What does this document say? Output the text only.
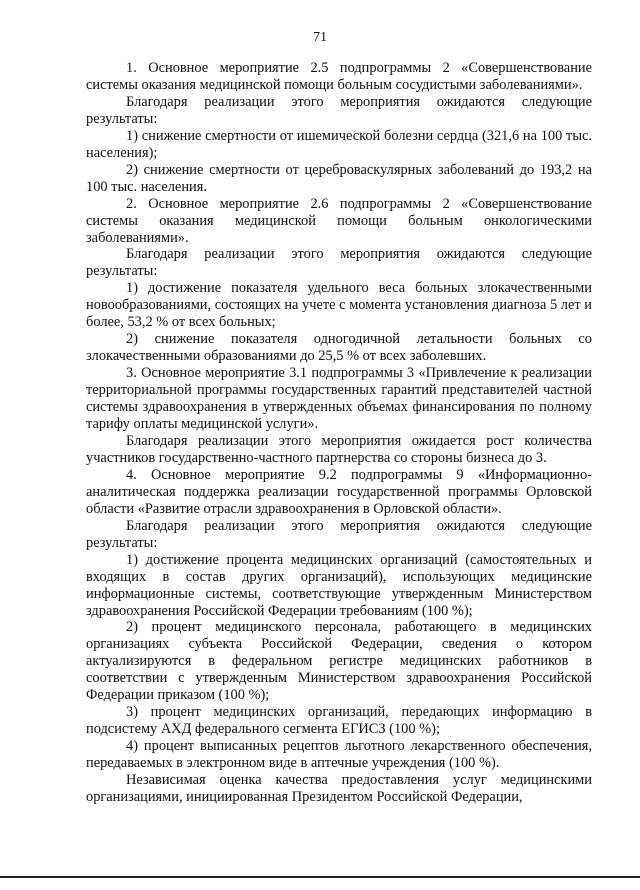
71

1. Основное мероприятие 2.5 подпрограммы 2 «Совершенствование системы оказания медицинской помощи больным сосудистыми заболеваниями».

Благодаря реализации этого мероприятия ожидаются следующие результаты:

1) снижение смертности от ишемической болезни сердца (321,6 на 100 тыс. населения);

2) снижение смертности от цереброваскулярных заболеваний до 193,2 на 100 тыс. населения.

2. Основное мероприятие 2.6 подпрограммы 2 «Совершенствование системы оказания медицинской помощи больным онкологическими заболеваниями».

Благодаря реализации этого мероприятия ожидаются следующие результаты:

1) достижение показателя удельного веса больных злокачественными новообразованиями, состоящих на учете с момента установления диагноза 5 лет и более, 53,2 % от всех больных;

2) снижение показателя одногодичной летальности больных со злокачественными образованиями до 25,5 % от всех заболевших.

3. Основное мероприятие 3.1 подпрограммы 3 «Привлечение к реализации территориальной программы государственных гарантий представителей частной системы здравоохранения в утвержденных объемах финансирования по полному тарифу оплаты медицинской услуги».

Благодаря реализации этого мероприятия ожидается рост количества участников государственно-частного партнерства со стороны бизнеса до 3.

4. Основное мероприятие 9.2 подпрограммы 9 «Информационно-аналитическая поддержка реализации государственной программы Орловской области «Развитие отрасли здравоохранения в Орловской области».

Благодаря реализации этого мероприятия ожидаются следующие результаты:

1) достижение процента медицинских организаций (самостоятельных и входящих в состав других организаций), использующих медицинские информационные системы, соответствующие утвержденным Министерством здравоохранения Российской Федерации требованиям (100 %);

2) процент медицинского персонала, работающего в медицинских организациях субъекта Российской Федерации, сведения о котором актуализируются в федеральном регистре медицинских работников в соответствии с утвержденным Министерством здравоохранения Российской Федерации приказом (100 %);

3) процент медицинских организаций, передающих информацию в подсистему АХД федерального сегмента ЕГИСЗ (100 %);

4) процент выписанных рецептов льготного лекарственного обеспечения, передаваемых в электронном виде в аптечные учреждения (100 %).

Независимая оценка качества предоставления услуг медицинскими организациями, инициированная Президентом Российской Федерации,
